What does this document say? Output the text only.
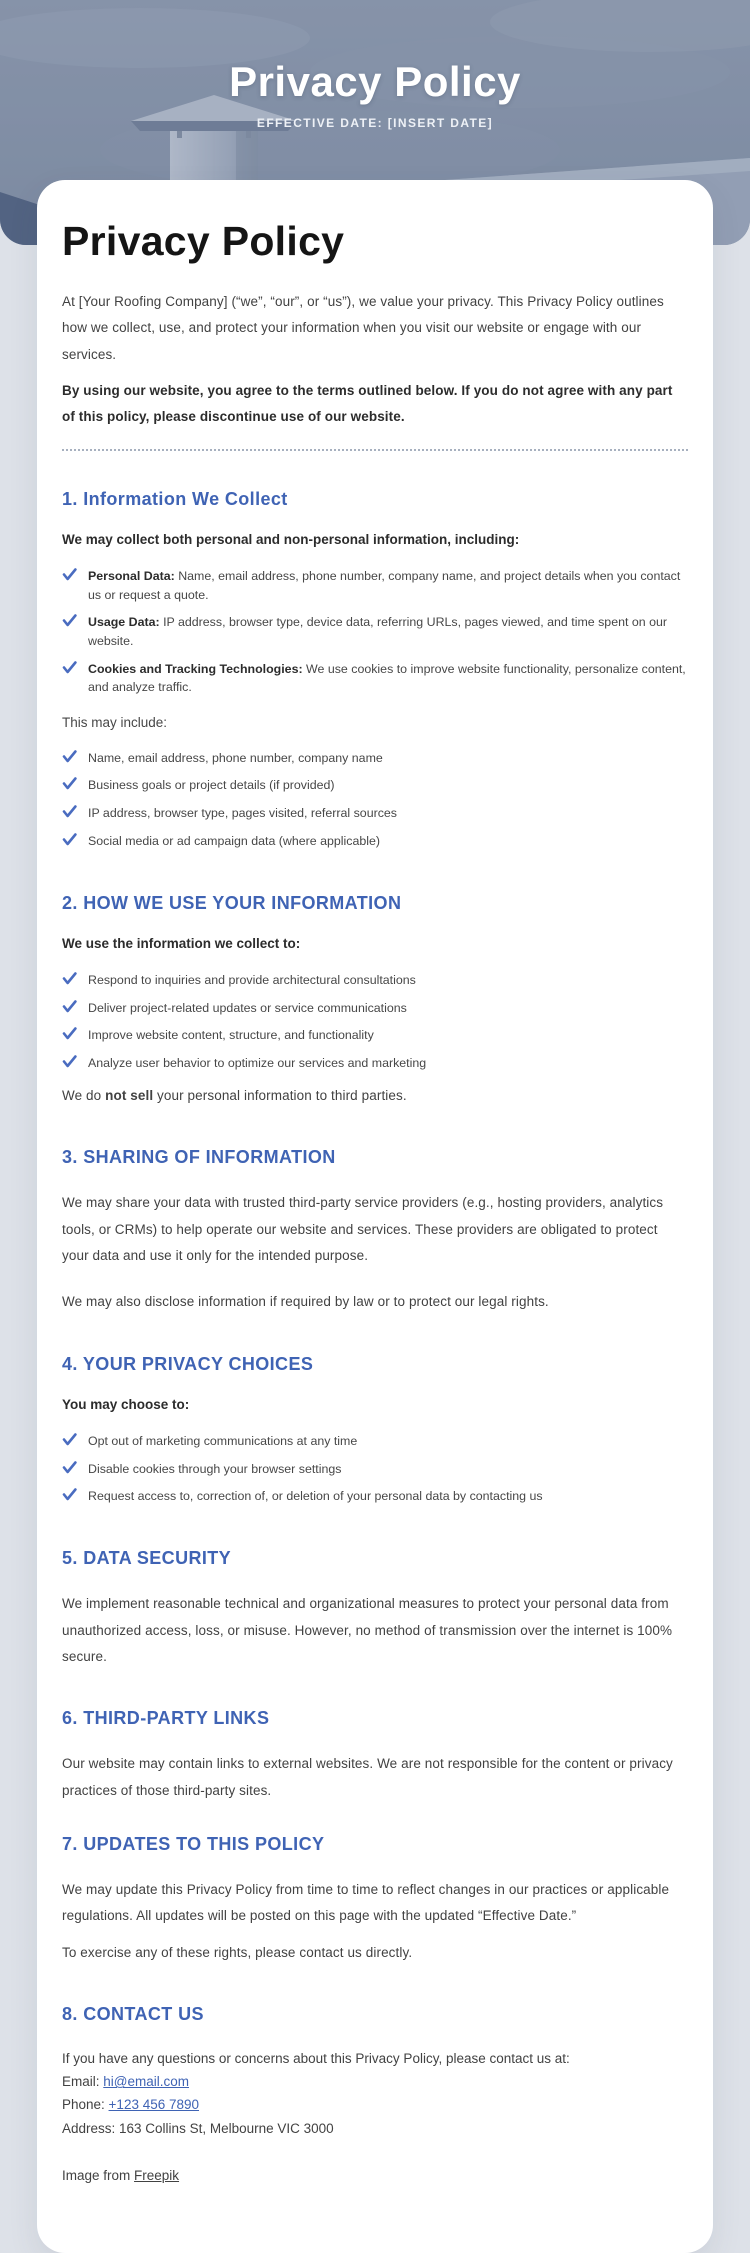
Privacy Policy
EFFECTIVE DATE: [INSERT DATE]
Privacy Policy

At [Your Roofing Company] (“we”, “our”, or “us”), we value your privacy. This Privacy Policy outlines how we collect, use, and protect your information when you visit our website or engage with our services.

By using our website, you agree to the terms outlined below. If you do not agree with any part of this policy, please discontinue use of our website.

1. Information We Collect

We may collect both personal and non-personal information, including:

Personal Data: Name, email address, phone number, company name, and project details when you contact us or request a quote.
Usage Data: IP address, browser type, device data, referring URLs, pages viewed, and time spent on our website.
Cookies and Tracking Technologies: We use cookies to improve website functionality, personalize content, and analyze traffic.

This may include:

Name, email address, phone number, company name
Business goals or project details (if provided)
IP address, browser type, pages visited, referral sources
Social media or ad campaign data (where applicable)
2. HOW WE USE YOUR INFORMATION

We use the information we collect to:

Respond to inquiries and provide architectural consultations
Deliver project-related updates or service communications
Improve website content, structure, and functionality
Analyze user behavior to optimize our services and marketing

We do not sell your personal information to third parties.

3. SHARING OF INFORMATION

We may share your data with trusted third-party service providers (e.g., hosting providers, analytics tools, or CRMs) to help operate our website and services. These providers are obligated to protect your data and use it only for the intended purpose.

We may also disclose information if required by law or to protect our legal rights.

4. YOUR PRIVACY CHOICES

You may choose to:

Opt out of marketing communications at any time
Disable cookies through your browser settings
Request access to, correction of, or deletion of your personal data by contacting us
5. DATA SECURITY

We implement reasonable technical and organizational measures to protect your personal data from unauthorized access, loss, or misuse. However, no method of transmission over the internet is 100% secure.

6. THIRD-PARTY LINKS

Our website may contain links to external websites. We are not responsible for the content or privacy practices of those third-party sites.

7. UPDATES TO THIS POLICY

We may update this Privacy Policy from time to time to reflect changes in our practices or applicable regulations. All updates will be posted on this page with the updated “Effective Date.”

To exercise any of these rights, please contact us directly.

8. CONTACT US

If you have any questions or concerns about this Privacy Policy, please contact us at:

Email: hi@email.com

Phone: +123 456 7890

Address: 163 Collins St, Melbourne VIC 3000

Image from Freepik
